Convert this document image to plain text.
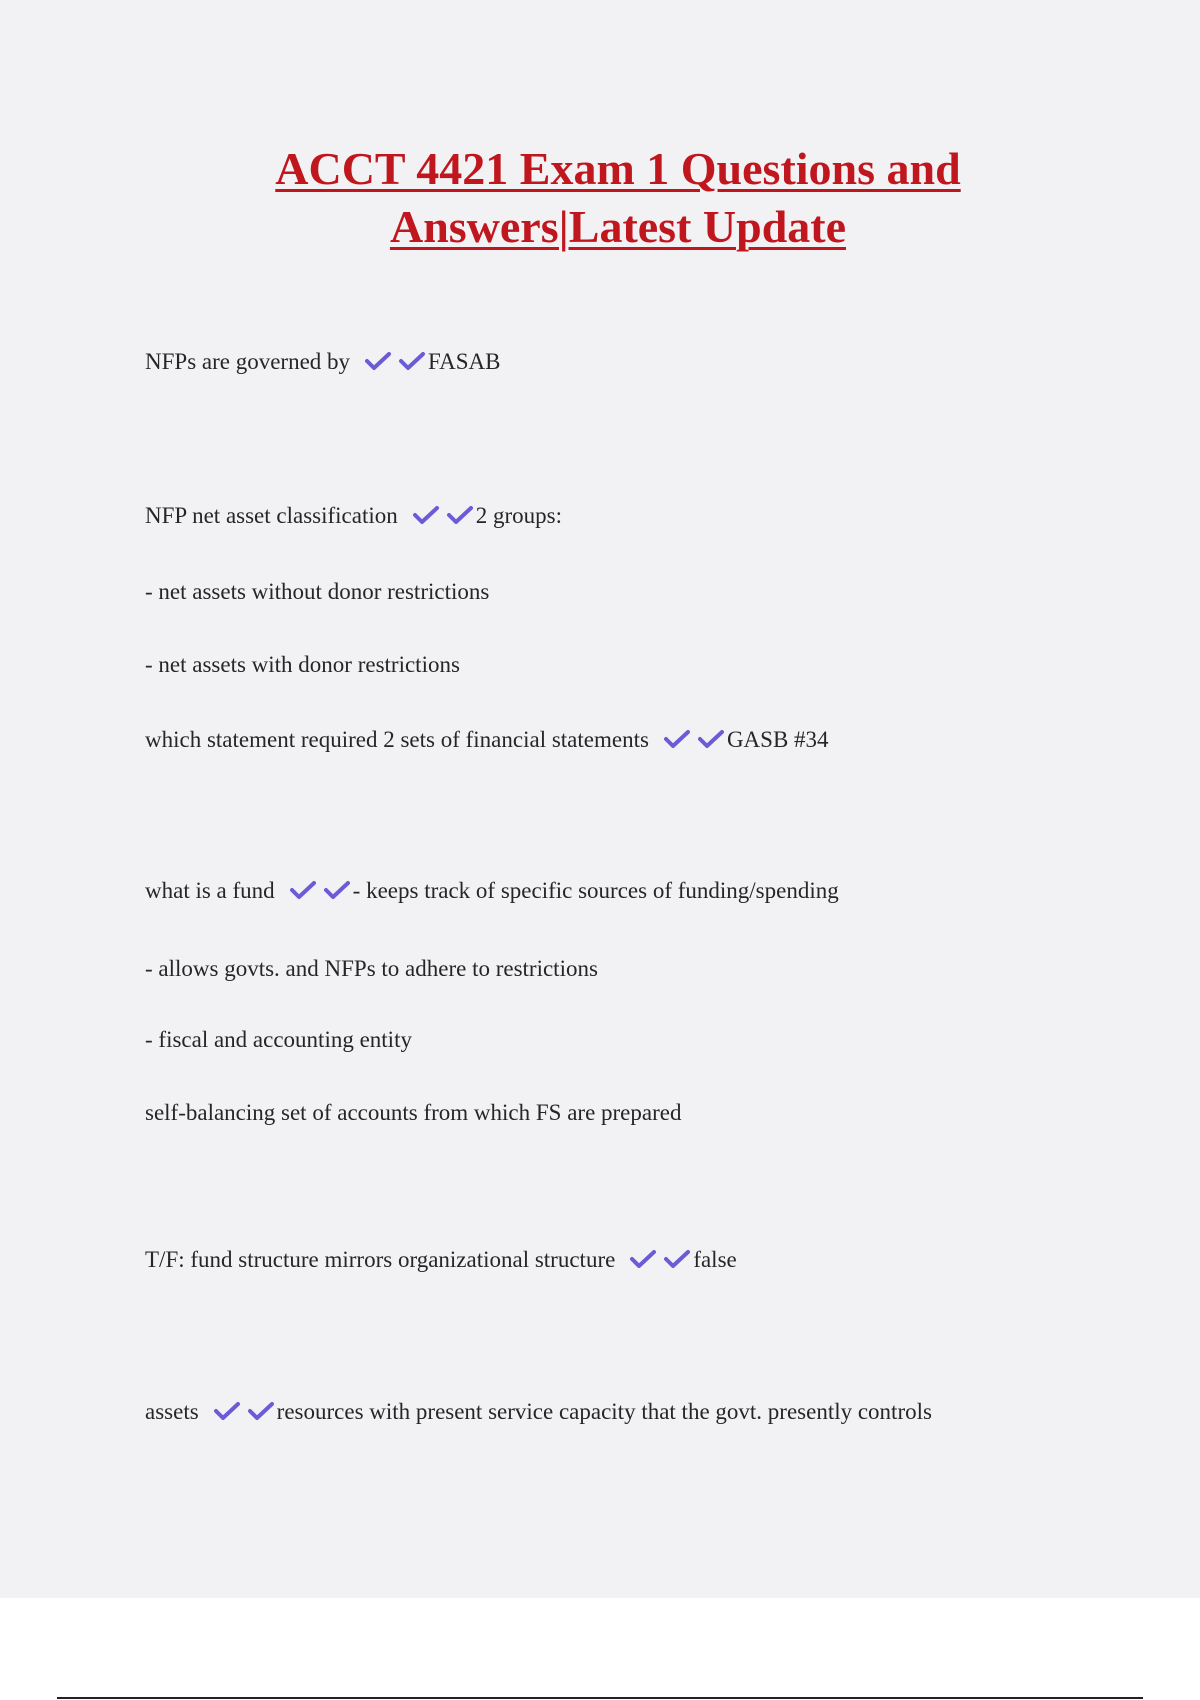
ACCT 4421 Exam 1 Questions and
Answers|Latest Update
NFPs are governed by	FASAB
NFP net asset classification	2 groups:
- net assets without donor restrictions
- net assets with donor restrictions
which statement required 2 sets of financial statements	GASB #34
what is a fund	- keeps track of specific sources of funding/spending
- allows govts. and NFPs to adhere to restrictions
- fiscal and accounting entity
self-balancing set of accounts from which FS are prepared
T/F: fund structure mirrors organizational structure	false
assets	resources with present service capacity that the govt. presently controls
